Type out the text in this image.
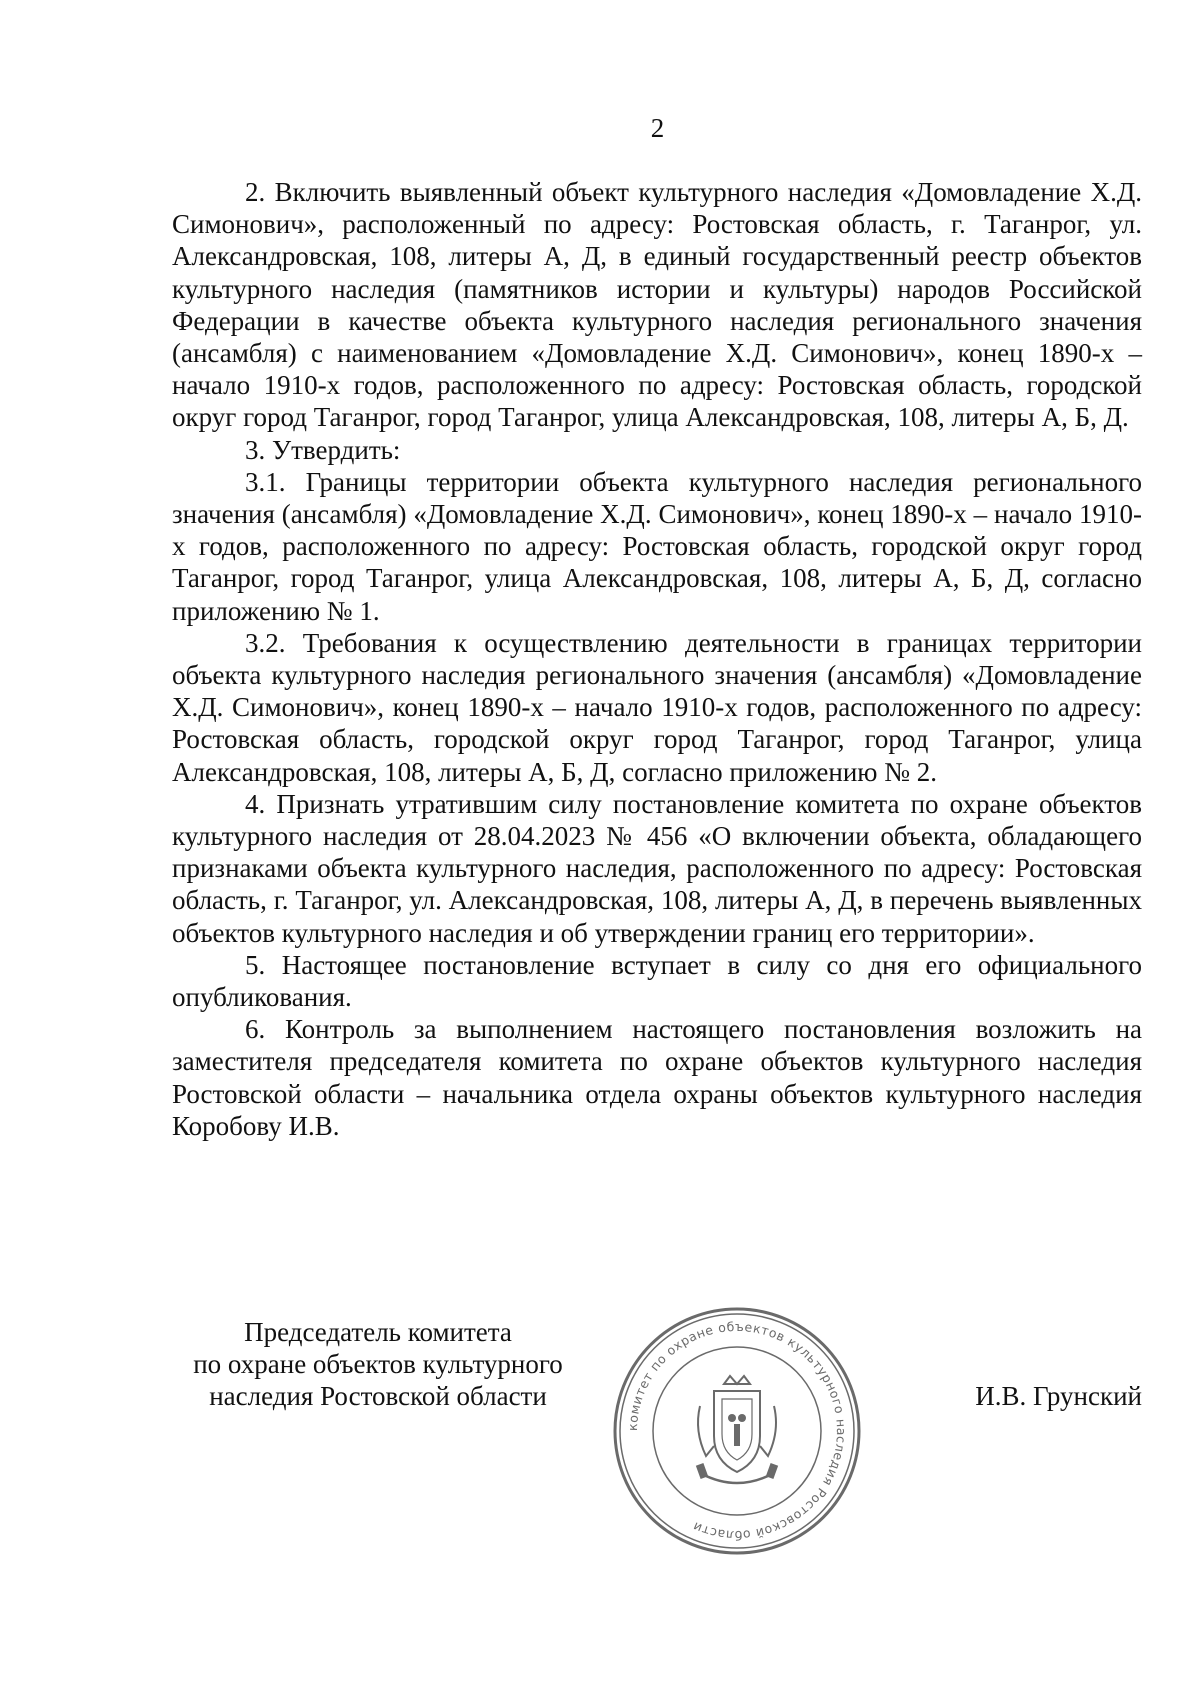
2

2. Включить выявленный объект культурного наследия «Домовладение Х.Д. Симонович», расположенный по адресу: Ростовская область, г. Таганрог, ул. Александровская, 108, литеры А, Д, в единый государственный реестр объектов культурного наследия (памятников истории и культуры) народов Российской Федерации в качестве объекта культурного наследия регионального значения (ансамбля) с наименованием «Домовладение Х.Д. Симонович», конец 1890-х – начало 1910-х годов, расположенного по адресу: Ростовская область, городской округ город Таганрог, город Таганрог, улица Александровская, 108, литеры А, Б, Д.

3. Утвердить:

3.1. Границы территории объекта культурного наследия регионального значения (ансамбля) «Домовладение Х.Д. Симонович», конец 1890-х – начало 1910-х годов, расположенного по адресу: Ростовская область, городской округ город Таганрог, город Таганрог, улица Александровская, 108, литеры А, Б, Д, согласно приложению № 1.

3.2. Требования к осуществлению деятельности в границах территории объекта культурного наследия регионального значения (ансамбля) «Домовладение Х.Д. Симонович», конец 1890-х – начало 1910-х годов, расположенного по адресу: Ростовская область, городской округ город Таганрог, город Таганрог, улица Александровская, 108, литеры А, Б, Д, согласно приложению № 2.

4. Признать утратившим силу постановление комитета по охране объектов культурного наследия от 28.04.2023 № 456 «О включении объекта, обладающего признаками объекта культурного наследия, расположенного по адресу: Ростовская область, г. Таганрог, ул. Александровская, 108, литеры А, Д, в перечень выявленных объектов культурного наследия и об утверждении границ его территории».

5. Настоящее постановление вступает в силу со дня его официального опубликования.

6. Контроль за выполнением настоящего постановления возложить на заместителя председателя комитета по охране объектов культурного наследия Ростовской области – начальника отдела охраны объектов культурного наследия Коробову И.В.

Председатель комитета
по охране объектов культурного
наследия Ростовской области
комитет по охране объектов культурного наследия Ростовской области
И.В. Грунский
